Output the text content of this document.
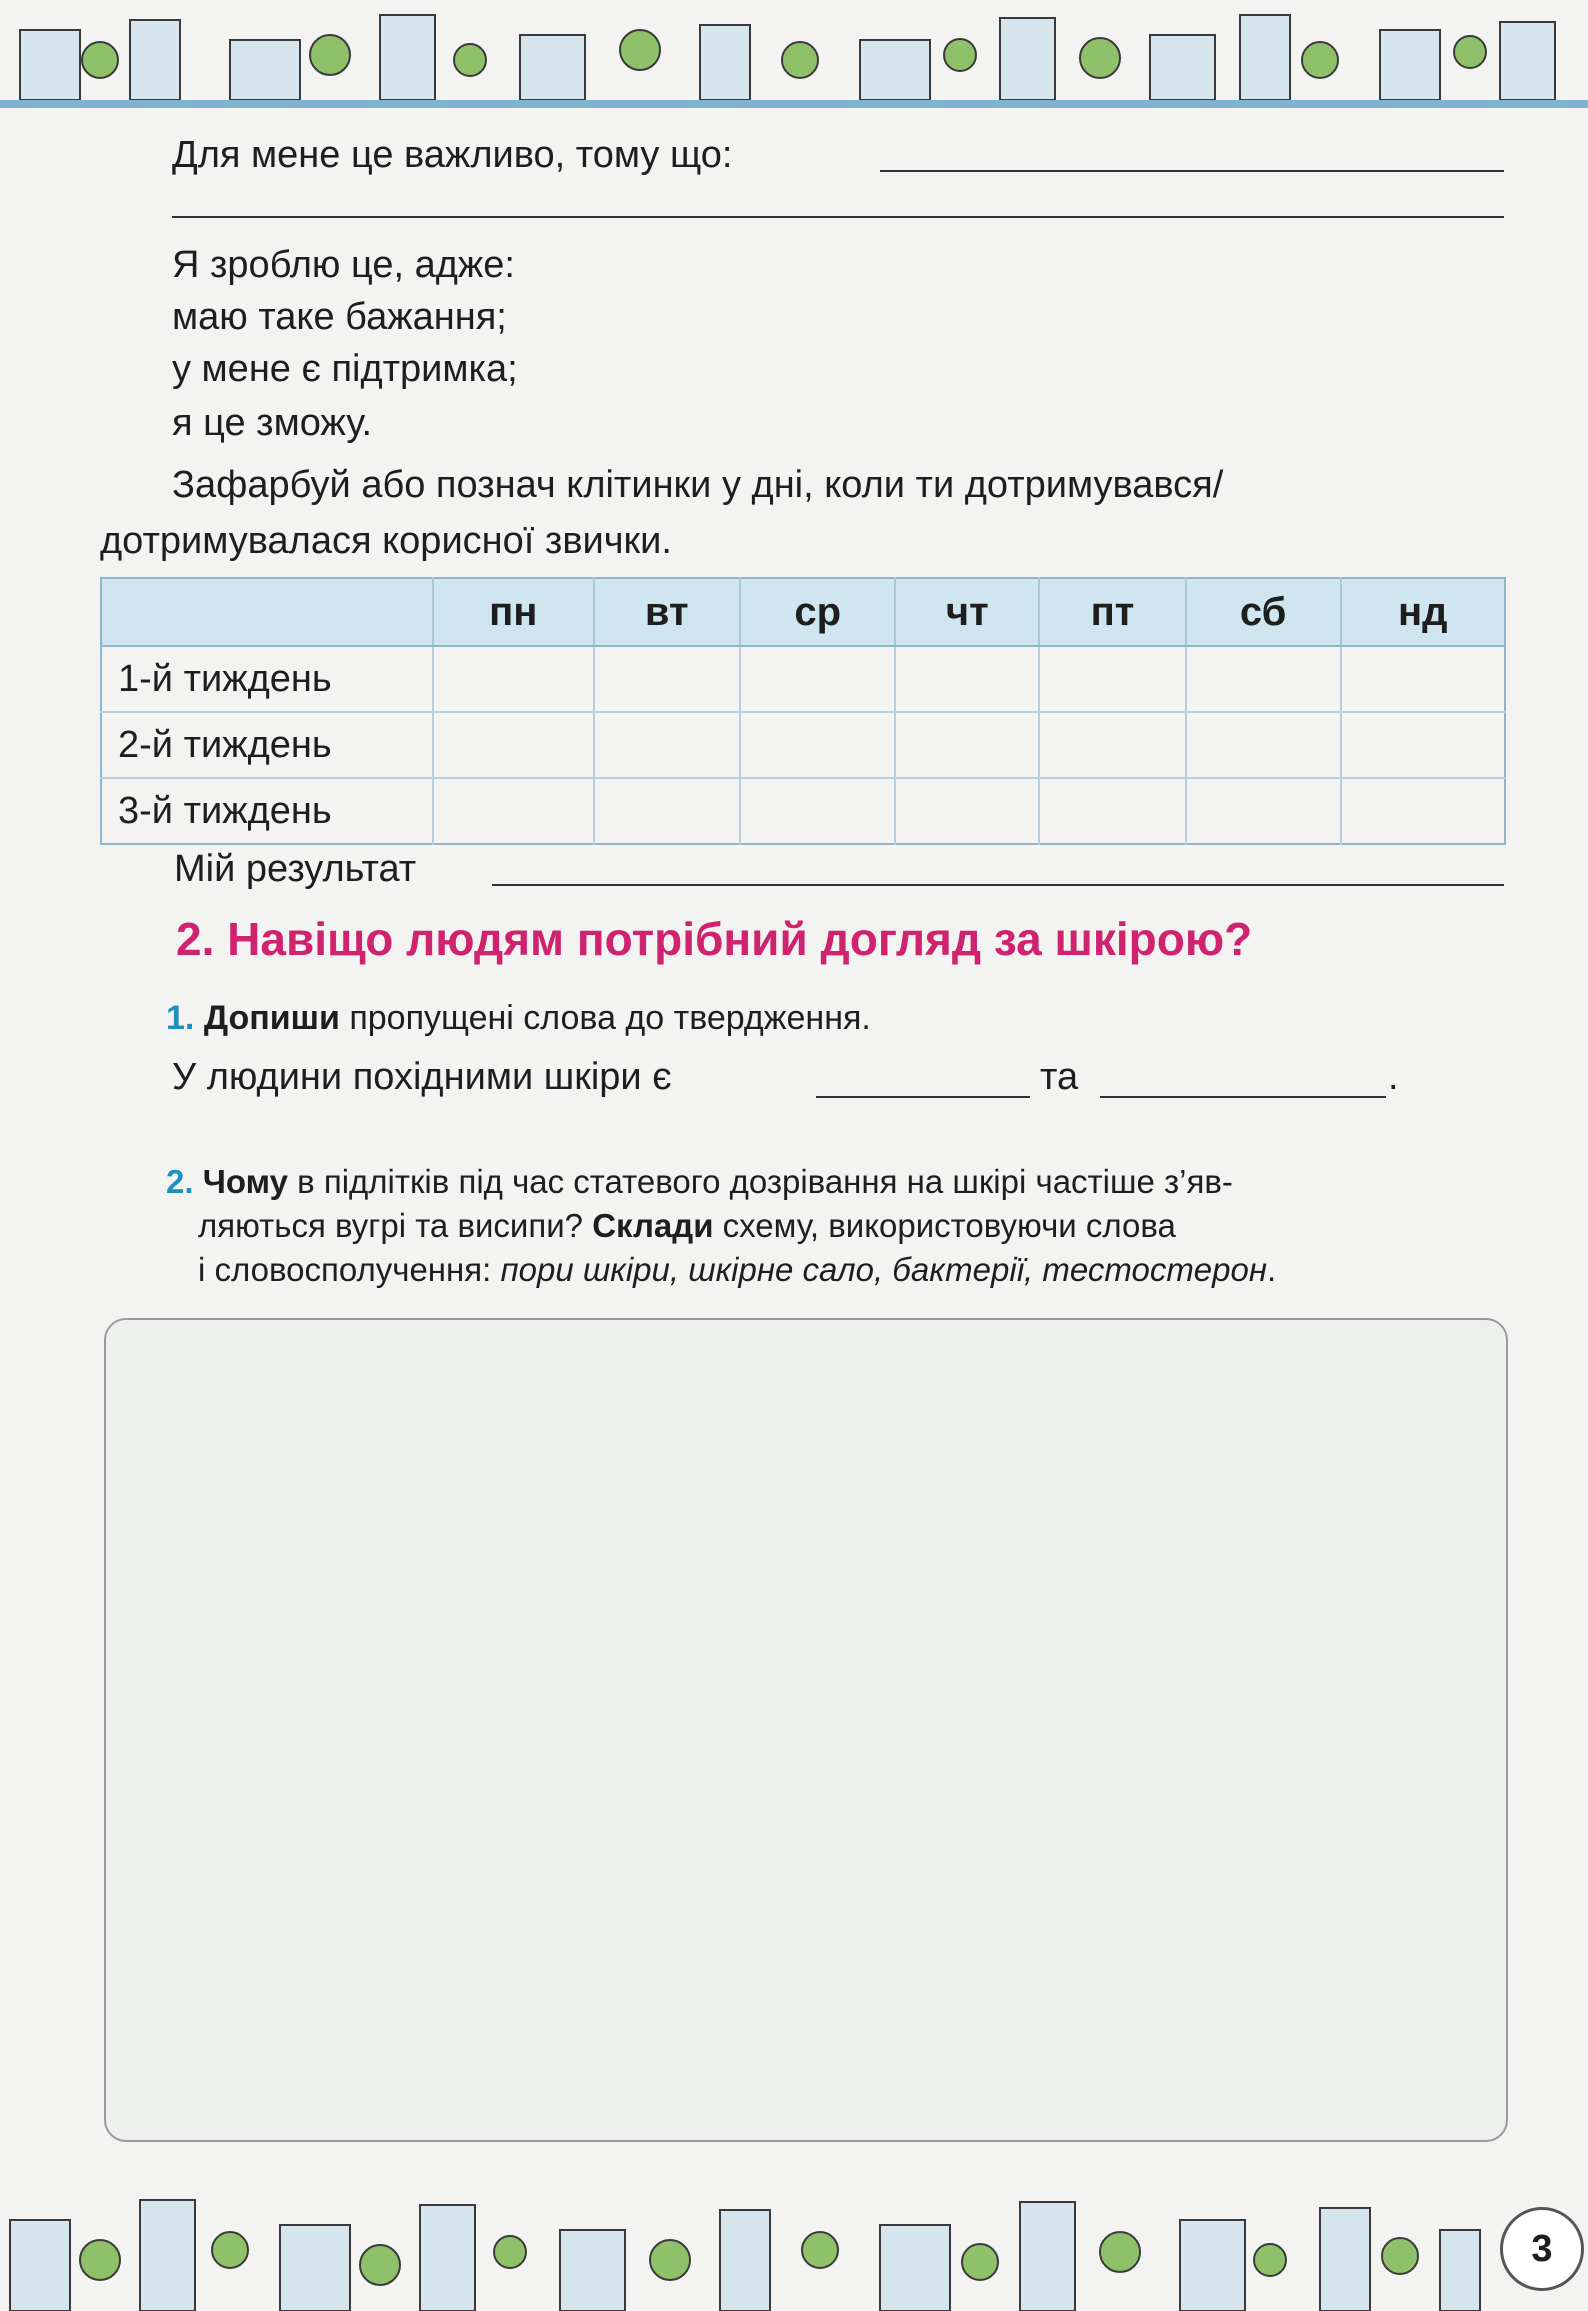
Для мене це важливо, тому що:
Я зроблю це, адже:
маю таке бажання;
у мене є підтримка;
я це зможу.
Зафарбуй або познач клітинки у дні, коли ти дотримувався/
дотримувалася корисної звички.
	пн	вт	ср	чт	пт	сб	нд
1-й тиждень							
2-й тиждень							
3-й тиждень							
Мій результат
2. Навіщо людям потрібний догляд за шкірою?
1. Допиши пропущені слова до твердження.
У людини похідними шкіри є	та	.
2. Чому в підлітків під час статевого дозрівання на шкірі частіше з’яв-
ляються вугрі та висипи? Склади схему, використовуючи слова
і словосполучення: пори шкіри, шкірне сало, бактерії, тестостерон.
3
